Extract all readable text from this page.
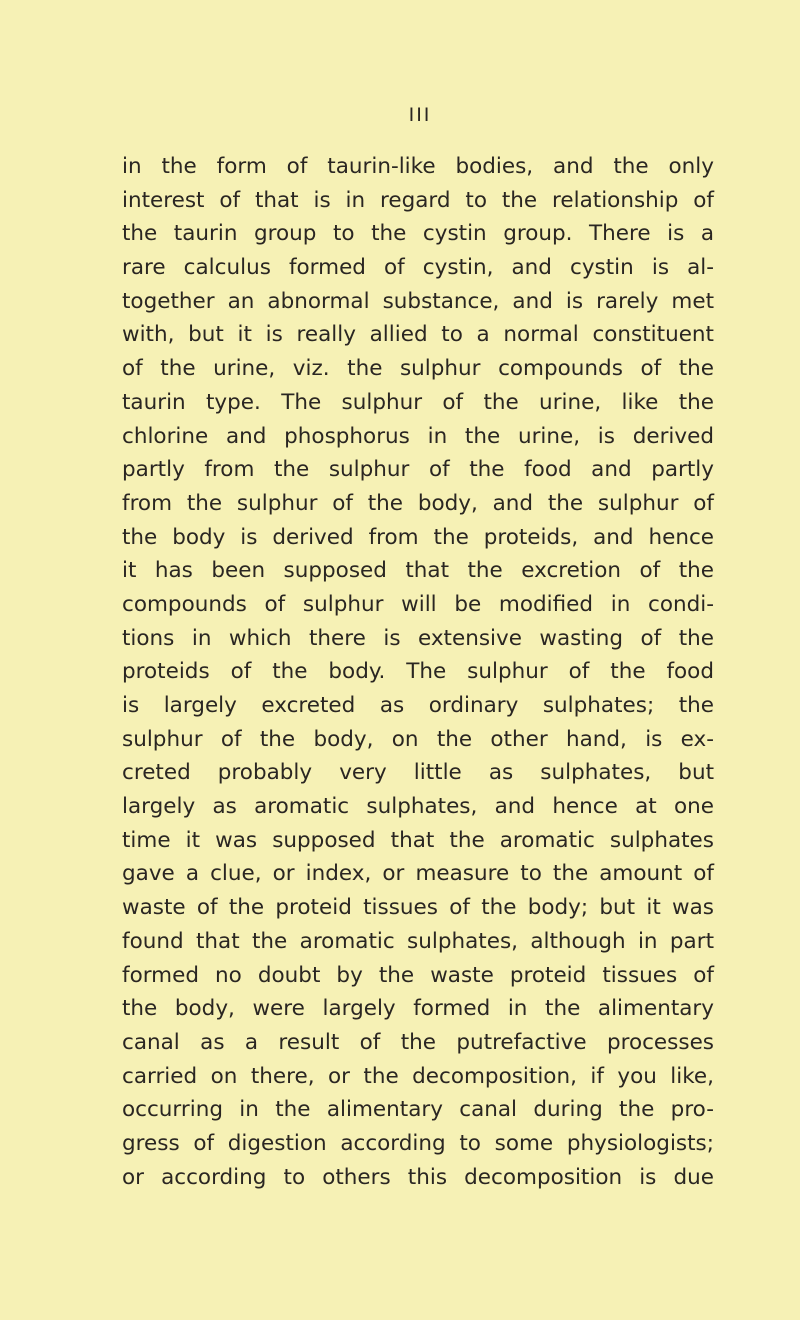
III
in the form of taurin-like bodies, and the only
interest of that is in regard to the relationship of
the taurin group to the cystin group. There is a
rare calculus formed of cystin, and cystin is al-
together an abnormal substance, and is rarely met
with, but it is really allied to a normal constituent
of the urine, viz. the sulphur compounds of the
taurin type. The sulphur of the urine, like the
chlorine and phosphorus in the urine, is derived
partly from the sulphur of the food and partly
from the sulphur of the body, and the sulphur of
the body is derived from the proteids, and hence
it has been supposed that the excretion of the
compounds of sulphur will be modified in condi-
tions in which there is extensive wasting of the
proteids of the body. The sulphur of the food
is largely excreted as ordinary sulphates; the
sulphur of the body, on the other hand, is ex-
creted probably very little as sulphates, but
largely as aromatic sulphates, and hence at one
time it was supposed that the aromatic sulphates
gave a clue, or index, or measure to the amount of
waste of the proteid tissues of the body; but it was
found that the aromatic sulphates, although in part
formed no doubt by the waste proteid tissues of
the body, were largely formed in the alimentary
canal as a result of the putrefactive processes
carried on there, or the decomposition, if you like,
occurring in the alimentary canal during the pro-
gress of digestion according to some physiologists;
or according to others this decomposition is due
